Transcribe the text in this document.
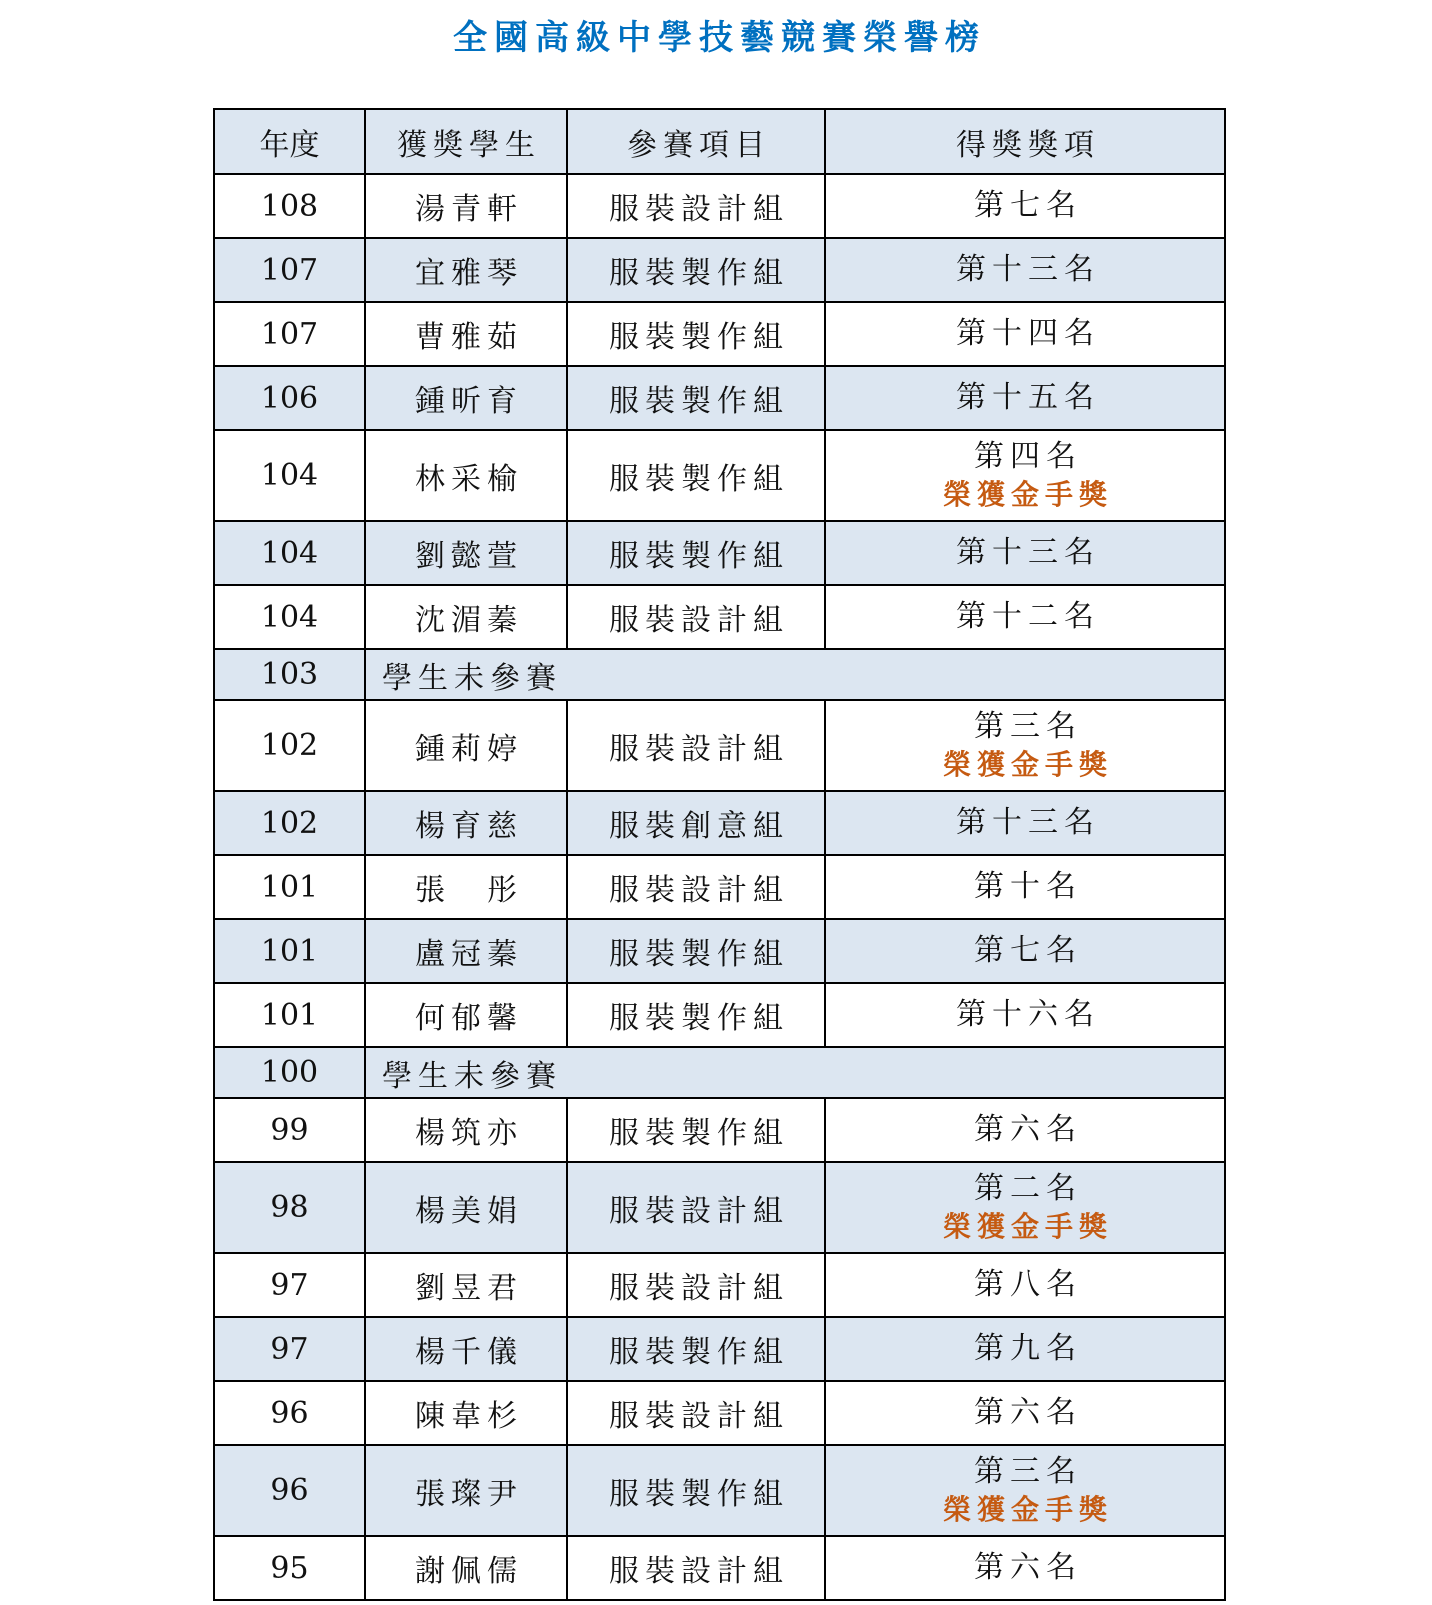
全國高級中學技藝競賽榮譽榜
年度	獲獎學生	參賽項目	得獎獎項
108	湯青軒	服裝設計組	第七名

107	宜雅琴	服裝製作組	第十三名

107	曹雅茹	服裝製作組	第十四名

106	鍾昕育	服裝製作組	第十五名

104	林采榆	服裝製作組	第四名
榮獲金手獎

104	劉懿萱	服裝製作組	第十三名

104	沈湄蓁	服裝設計組	第十二名

103	學生未參賽		
102	鍾莉婷	服裝設計組	第三名
榮獲金手獎

102	楊育慈	服裝創意組	第十三名

101	張　彤	服裝設計組	第十名

101	盧冠蓁	服裝製作組	第七名

101	何郁馨	服裝製作組	第十六名

100	學生未參賽		
99	楊筑亦	服裝製作組	第六名

98	楊美娟	服裝設計組	第二名
榮獲金手獎

97	劉昱君	服裝設計組	第八名

97	楊千儀	服裝製作組	第九名

96	陳韋杉	服裝設計組	第六名

96	張璨尹	服裝製作組	第三名
榮獲金手獎

95	謝佩儒	服裝設計組	第六名
